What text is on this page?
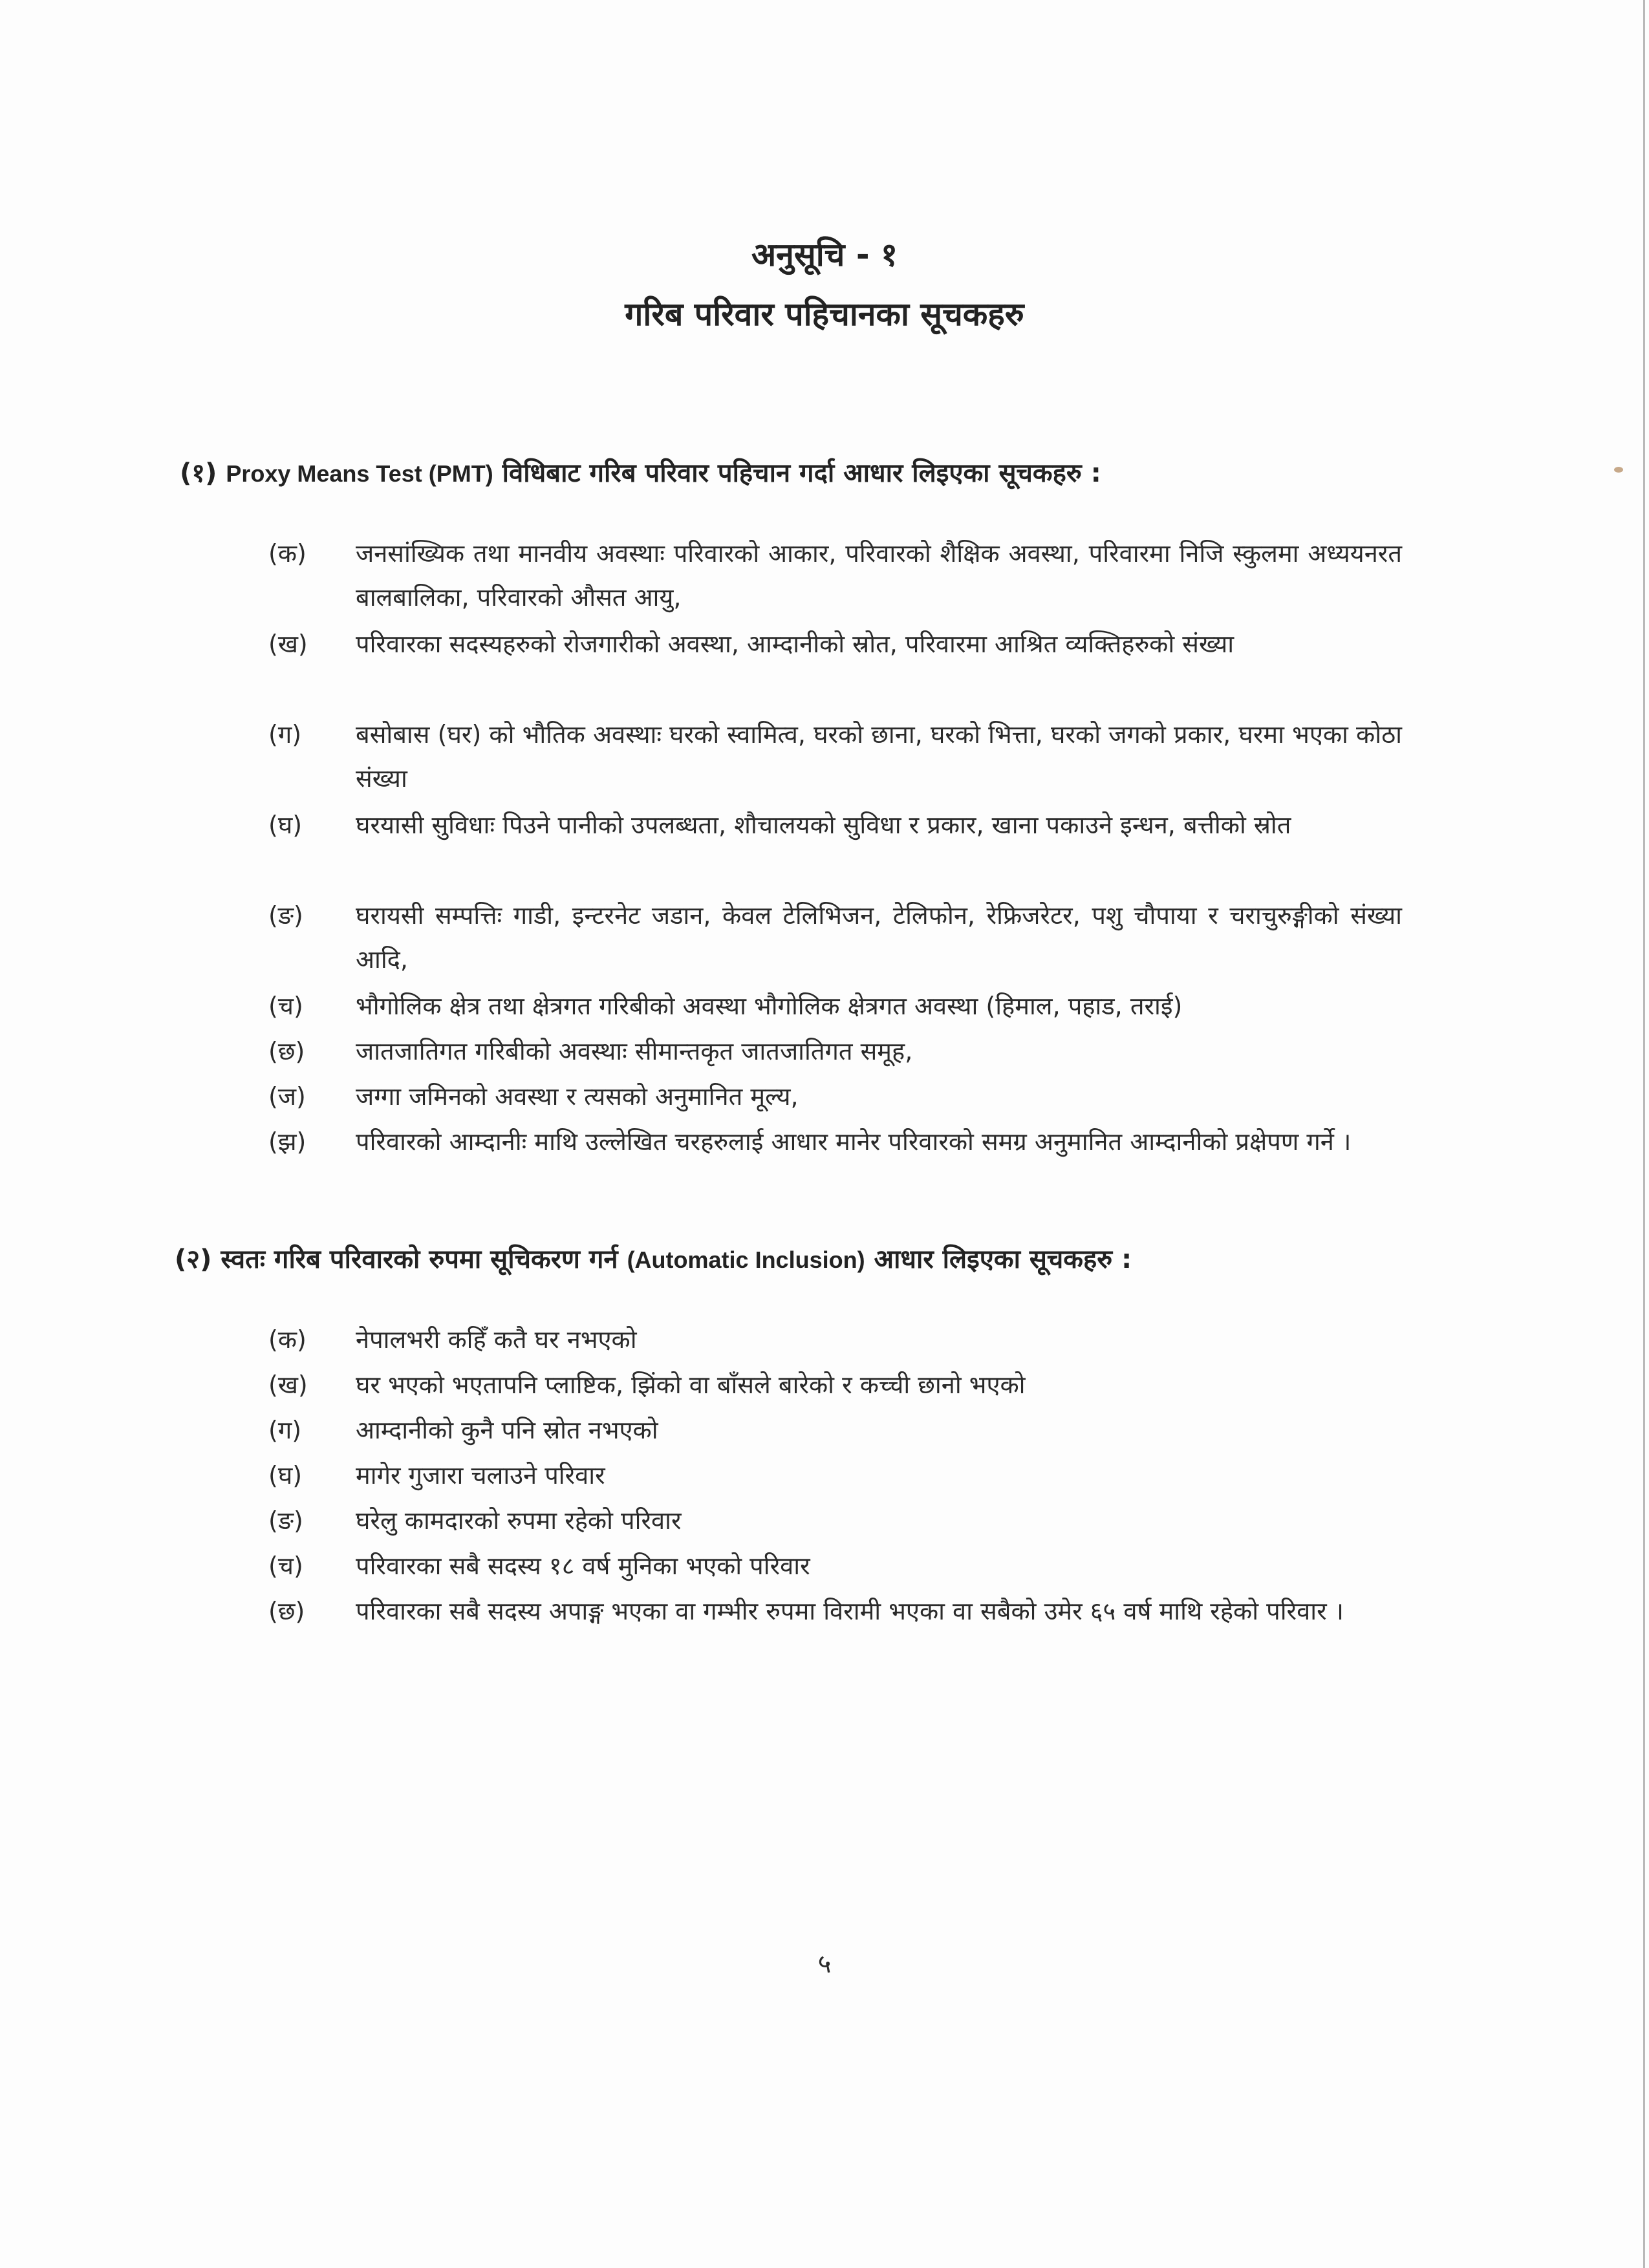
अनुसूचि - १
गरिब परिवार पहिचानका सूचकहरु
(१) Proxy Means Test (PMT) विधिबाट गरिब परिवार पहिचान गर्दा आधार लिइएका सूचकहरु :
(क)	जनसांख्यिक तथा मानवीय अवस्थाः परिवारको आकार, परिवारको शैक्षिक अवस्था, परिवारमा निजि स्कुलमा अध्ययनरत बालबालिका, परिवारको औसत आयु,
(ख)	परिवारका सदस्यहरुको रोजगारीको अवस्था, आम्दानीको स्रोत, परिवारमा आश्रित व्यक्तिहरुको संख्या
(ग)	बसोबास (घर) को भौतिक अवस्थाः घरको स्वामित्व, घरको छाना, घरको भित्ता, घरको जगको प्रकार, घरमा भएका कोठा संख्या
(घ)	घरयासी सुविधाः पिउने पानीको उपलब्धता, शौचालयको सुविधा र प्रकार, खाना पकाउने इन्धन, बत्तीको स्रोत
(ङ)	घरायसी सम्पत्तिः गाडी, इन्टरनेट जडान, केवल टेलिभिजन, टेलिफोन, रेफ्रिजरेटर, पशु चौपाया र चराचुरुङ्गीको संख्या आदि,
(च)	भौगोलिक क्षेत्र तथा क्षेत्रगत गरिबीको अवस्था भौगोलिक क्षेत्रगत अवस्था (हिमाल, पहाड, तराई)
(छ)	जातजातिगत गरिबीको अवस्थाः सीमान्तकृत जातजातिगत समूह,
(ज)	जग्गा जमिनको अवस्था र त्यसको अनुमानित मूल्य,
(झ)	परिवारको आम्दानीः माथि उल्लेखित चरहरुलाई आधार मानेर परिवारको समग्र अनुमानित आम्दानीको प्रक्षेपण गर्ने ।
(२) स्वतः गरिब परिवारको रुपमा सूचिकरण गर्न (Automatic Inclusion) आधार लिइएका सूचकहरु :
(क)	नेपालभरी कहिँ कतै घर नभएको
(ख)	घर भएको भएतापनि प्लाष्टिक, झिंको वा बाँसले बारेको र कच्ची छानो भएको
(ग)	आम्दानीको कुनै पनि स्रोत नभएको
(घ)	मागेर गुजारा चलाउने परिवार
(ङ)	घरेलु कामदारको रुपमा रहेको परिवार
(च)	परिवारका सबै सदस्य १८ वर्ष मुनिका भएको परिवार
(छ)	परिवारका सबै सदस्य अपाङ्ग भएका वा गम्भीर रुपमा विरामी भएका वा सबैको उमेर ६५ वर्ष माथि रहेको परिवार ।
५
